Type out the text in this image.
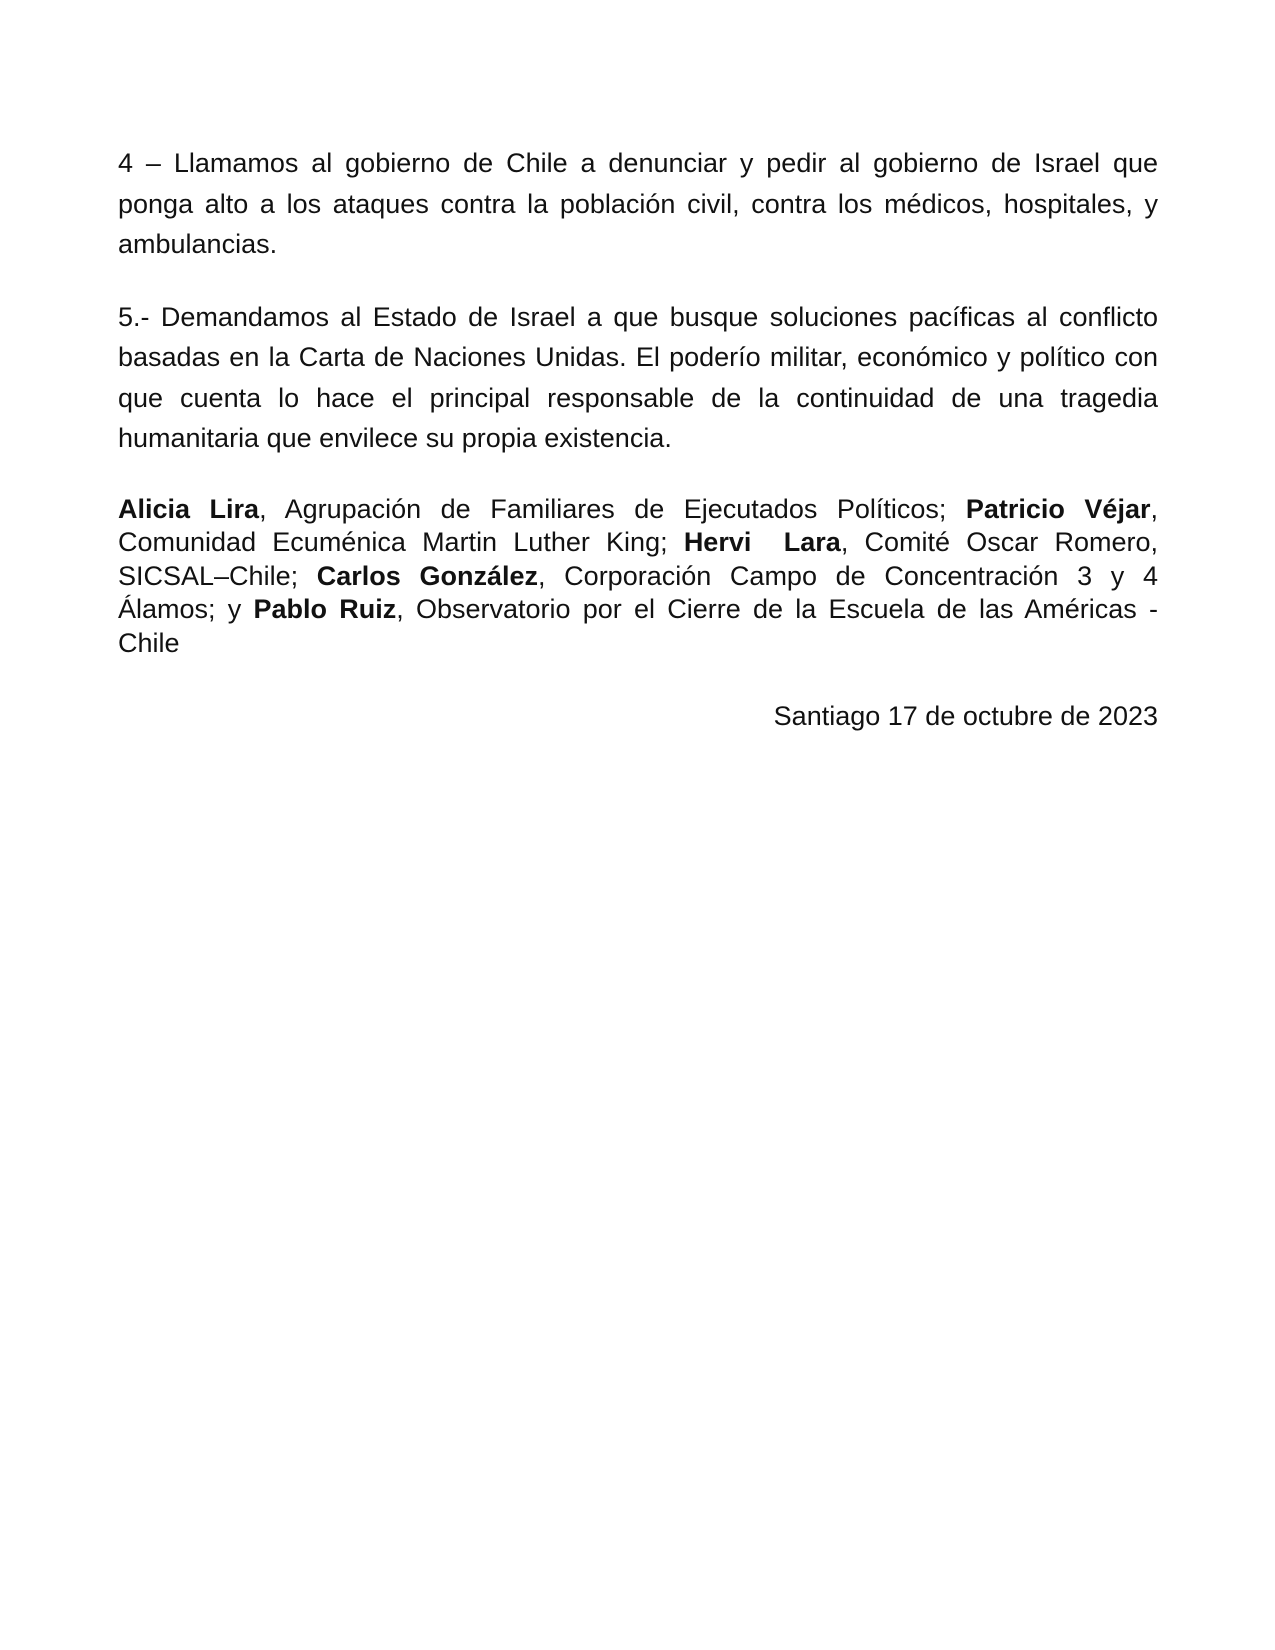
4 – Llamamos al gobierno de Chile a denunciar y pedir al gobierno de Israel que ponga alto a los ataques contra la población civil, contra los médicos, hospitales, y ambulancias.

5.- Demandamos al Estado de Israel a que busque soluciones pacíficas al conflicto basadas en la Carta de Naciones Unidas. El poderío militar, económico y político con que cuenta lo hace el principal responsable de la continuidad de una tragedia humanitaria que envilece su propia existencia.

Alicia Lira, Agrupación de Familiares de Ejecutados Políticos; Patricio Véjar, Comunidad Ecuménica Martin Luther King; Hervi  Lara, Comité Oscar Romero, SICSAL–Chile; Carlos González, Corporación Campo de Concentración 3 y 4 Álamos; y Pablo Ruiz, Observatorio por el Cierre de la Escuela de las Américas - Chile

Santiago 17 de octubre de 2023
